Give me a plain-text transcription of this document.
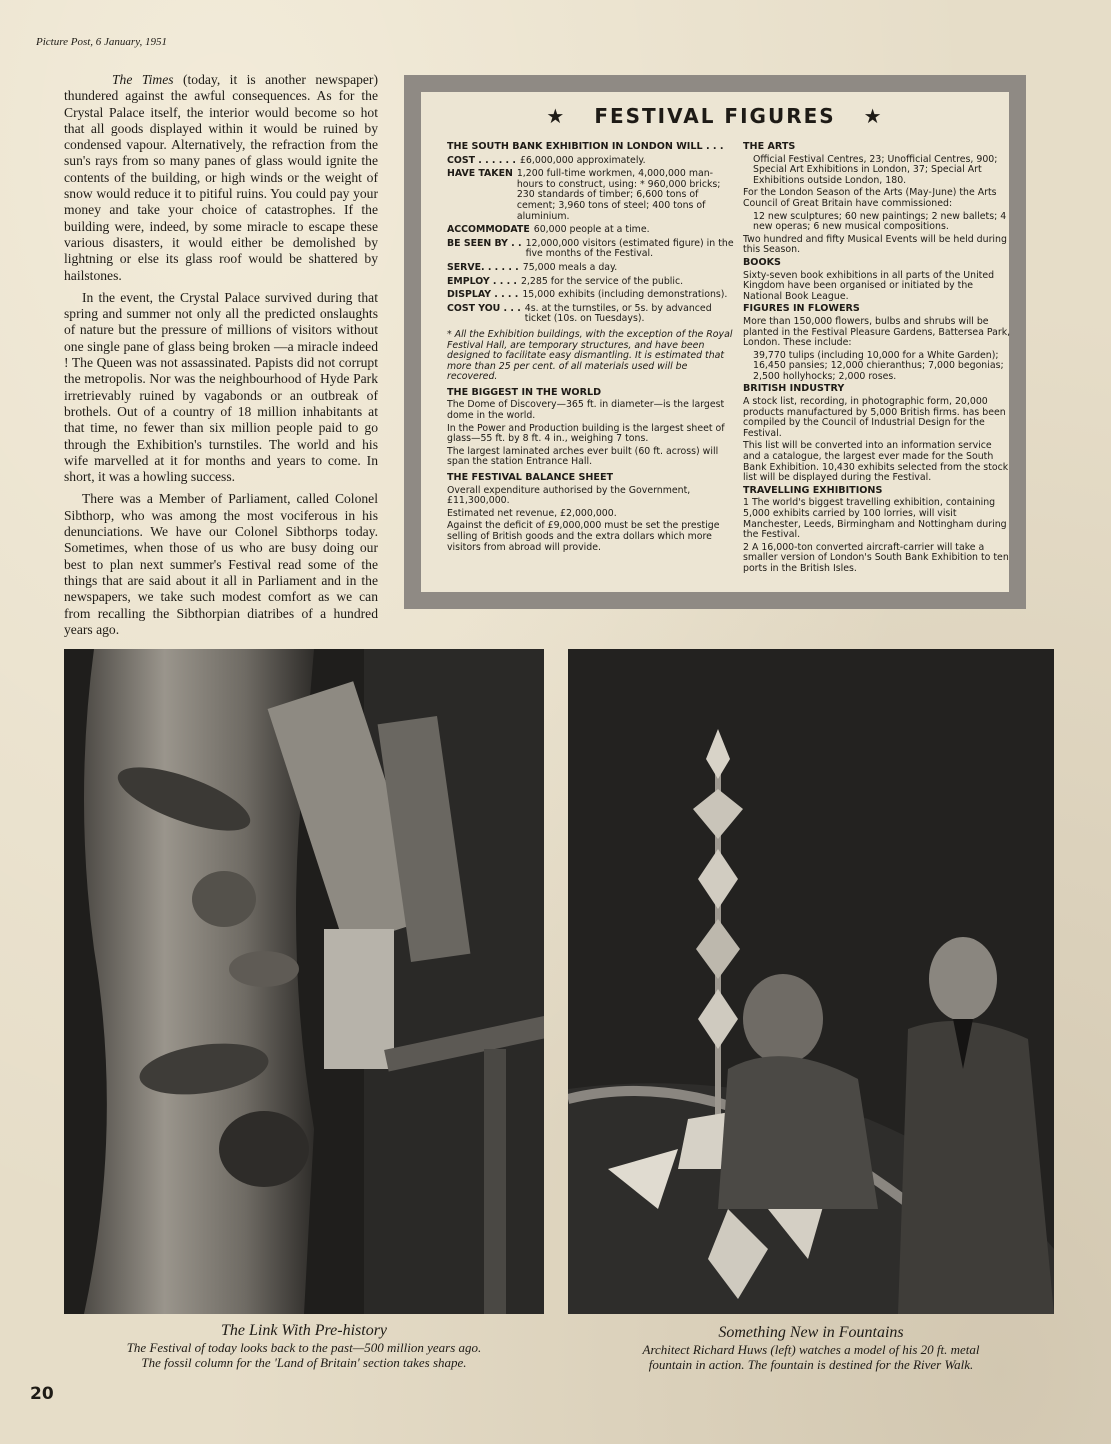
Picture Post, 6 January, 1951

The Times (today, it is another newspaper) thundered against the awful consequences. As for the Crystal Palace itself, the interior would become so hot that all goods displayed within it would be ruined by condensed vapour. Alternatively, the refraction from the sun's rays from so many panes of glass would ignite the contents of the building, or high winds or the weight of snow would reduce it to pitiful ruins. You could pay your money and take your choice of catastrophes. If the building were, indeed, by some miracle to escape these various disasters, it would either be demolished by lightning or else its glass roof would be shattered by hailstones.

In the event, the Crystal Palace survived during that spring and summer not only all the predicted onslaughts of nature but the pressure of millions of visitors without one single pane of glass being broken —a miracle indeed ! The Queen was not assassinated. Papists did not corrupt the metropolis. Nor was the neighbourhood of Hyde Park irretrievably ruined by vagabonds or an outbreak of brothels. Out of a country of 18 million inhabitants at that time, no fewer than six million people paid to go through the Exhibition's turnstiles. The world and his wife marvelled at it for months and years to come. In short, it was a howling success.

There was a Member of Parliament, called Colonel Sibthorp, who was among the most vociferous in his denunciations. We have our Colonel Sibthorps today. Sometimes, when those of us who are busy doing our best to plan next summer's Festival read some of the things that are said about it all in Parliament and in the newspapers, we take such modest comfort as we can from recalling the Sibthorpian diatribes of a hundred years ago.

★ FESTIVAL FIGURES ★
THE SOUTH BANK EXHIBITION IN LONDON WILL . . .
COST . . . . . . £6,000,000 approximately.
HAVE TAKEN 1,200 full-time workmen, 4,000,000 man-hours to construct, using: * 960,000 bricks; 230 standards of timber; 6,600 tons of cement; 3,960 tons of steel; 400 tons of aluminium.
ACCOMMODATE 60,000 people at a time.
BE SEEN BY . . 12,000,000 visitors (estimated figure) in the five months of the Festival.
SERVE. . . . . . 75,000 meals a day.
EMPLOY . . . . 2,285 for the service of the public.
DISPLAY . . . . 15,000 exhibits (including demonstrations).
COST YOU . . . 4s. at the turnstiles, or 5s. by advanced ticket (10s. on Tuesdays).
* All the Exhibition buildings, with the exception of the Royal Festival Hall, are temporary structures, and have been designed to facilitate easy dismantling. It is estimated that more than 25 per cent. of all materials used will be recovered.
THE BIGGEST IN THE WORLD
The Dome of Discovery—365 ft. in diameter—is the largest dome in the world.
In the Power and Production building is the largest sheet of glass—55 ft. by 8 ft. 4 in., weighing 7 tons.
The largest laminated arches ever built (60 ft. across) will span the station Entrance Hall.
THE FESTIVAL BALANCE SHEET
Overall expenditure authorised by the Government, £11,300,000.
Estimated net revenue, £2,000,000.
Against the deficit of £9,000,000 must be set the prestige selling of British goods and the extra dollars which more visitors from abroad will provide.
THE ARTS
Official Festival Centres, 23; Unofficial Centres, 900; Special Art Exhibitions in London, 37; Special Art Exhibitions outside London, 180.
For the London Season of the Arts (May-June) the Arts Council of Great Britain have commissioned:
12 new sculptures; 60 new paintings; 2 new ballets; 4 new operas; 6 new musical compositions.
Two hundred and fifty Musical Events will be held during this Season.
BOOKS
Sixty-seven book exhibitions in all parts of the United Kingdom have been organised or initiated by the National Book League.
FIGURES IN FLOWERS
More than 150,000 flowers, bulbs and shrubs will be planted in the Festival Pleasure Gardens, Battersea Park, London. These include:
39,770 tulips (including 10,000 for a White Garden); 16,450 pansies; 12,000 chieranthus; 7,000 begonias; 2,500 hollyhocks; 2,000 roses.
BRITISH INDUSTRY
A stock list, recording, in photographic form, 20,000 products manufactured by 5,000 British firms. has been compiled by the Council of Industrial Design for the Festival.
This list will be converted into an information service and a catalogue, the largest ever made for the South Bank Exhibition. 10,430 exhibits selected from the stock list will be displayed during the Festival.
TRAVELLING EXHIBITIONS
1 The world's biggest travelling exhibition, containing 5,000 exhibits carried by 100 lorries, will visit Manchester, Leeds, Birmingham and Nottingham during the Festival.
2 A 16,000-ton converted aircraft-carrier will take a smaller version of London's South Bank Exhibition to ten ports in the British Isles.
The Link With Pre-history
The Festival of today looks back to the past—500 million years ago.
The fossil column for the 'Land of Britain' section takes shape.
Something New in Fountains
Architect Richard Huws (left) watches a model of his 20 ft. metal
fountain in action. The fountain is destined for the River Walk.
20
